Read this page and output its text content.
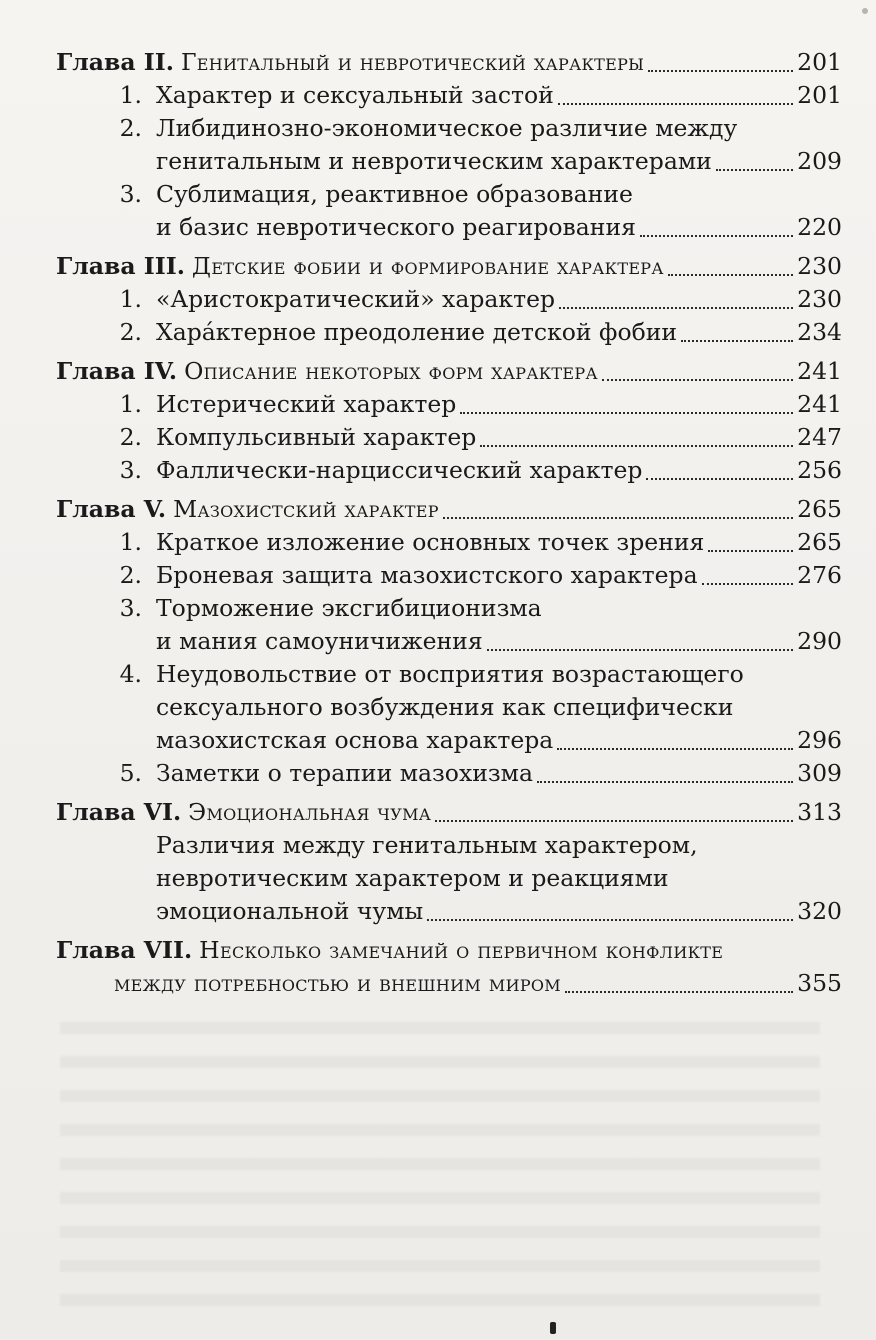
Глава II. Генитальный и невротический характеры	201
1. Характер и сексуальный застой	201
2. Либидинозно-экономическое различие между
генитальным и невротическим характерами	209
3. Сублимация, реактивное образование
и базис невротического реагирования	220
Глава III. Детские фобии и формирование характера	230
1. «Аристократический» характер	230
2. Хара́ктерное преодоление детской фобии	234
Глава IV. Описание некоторых форм характера	241
1. Истерический характер	241
2. Компульсивный характер	247
3. Фаллически-нарциссический характер	256
Глава V. Мазохистский характер	265
1. Краткое изложение основных точек зрения	265
2. Броневая защита мазохистского характера	276
3. Торможение эксгибиционизма
и мания самоуничижения	290
4. Неудовольствие от восприятия возрастающего
сексуального возбуждения как специфически
мазохистская основа характера	296
5. Заметки о терапии мазохизма	309
Глава VI. Эмоциональная чума	313
Различия между генитальным характером,
невротическим характером и реакциями
эмоциональной чумы	320
Глава VII. Несколько замечаний о первичном конфликте
между потребностью и внешним миром	355
